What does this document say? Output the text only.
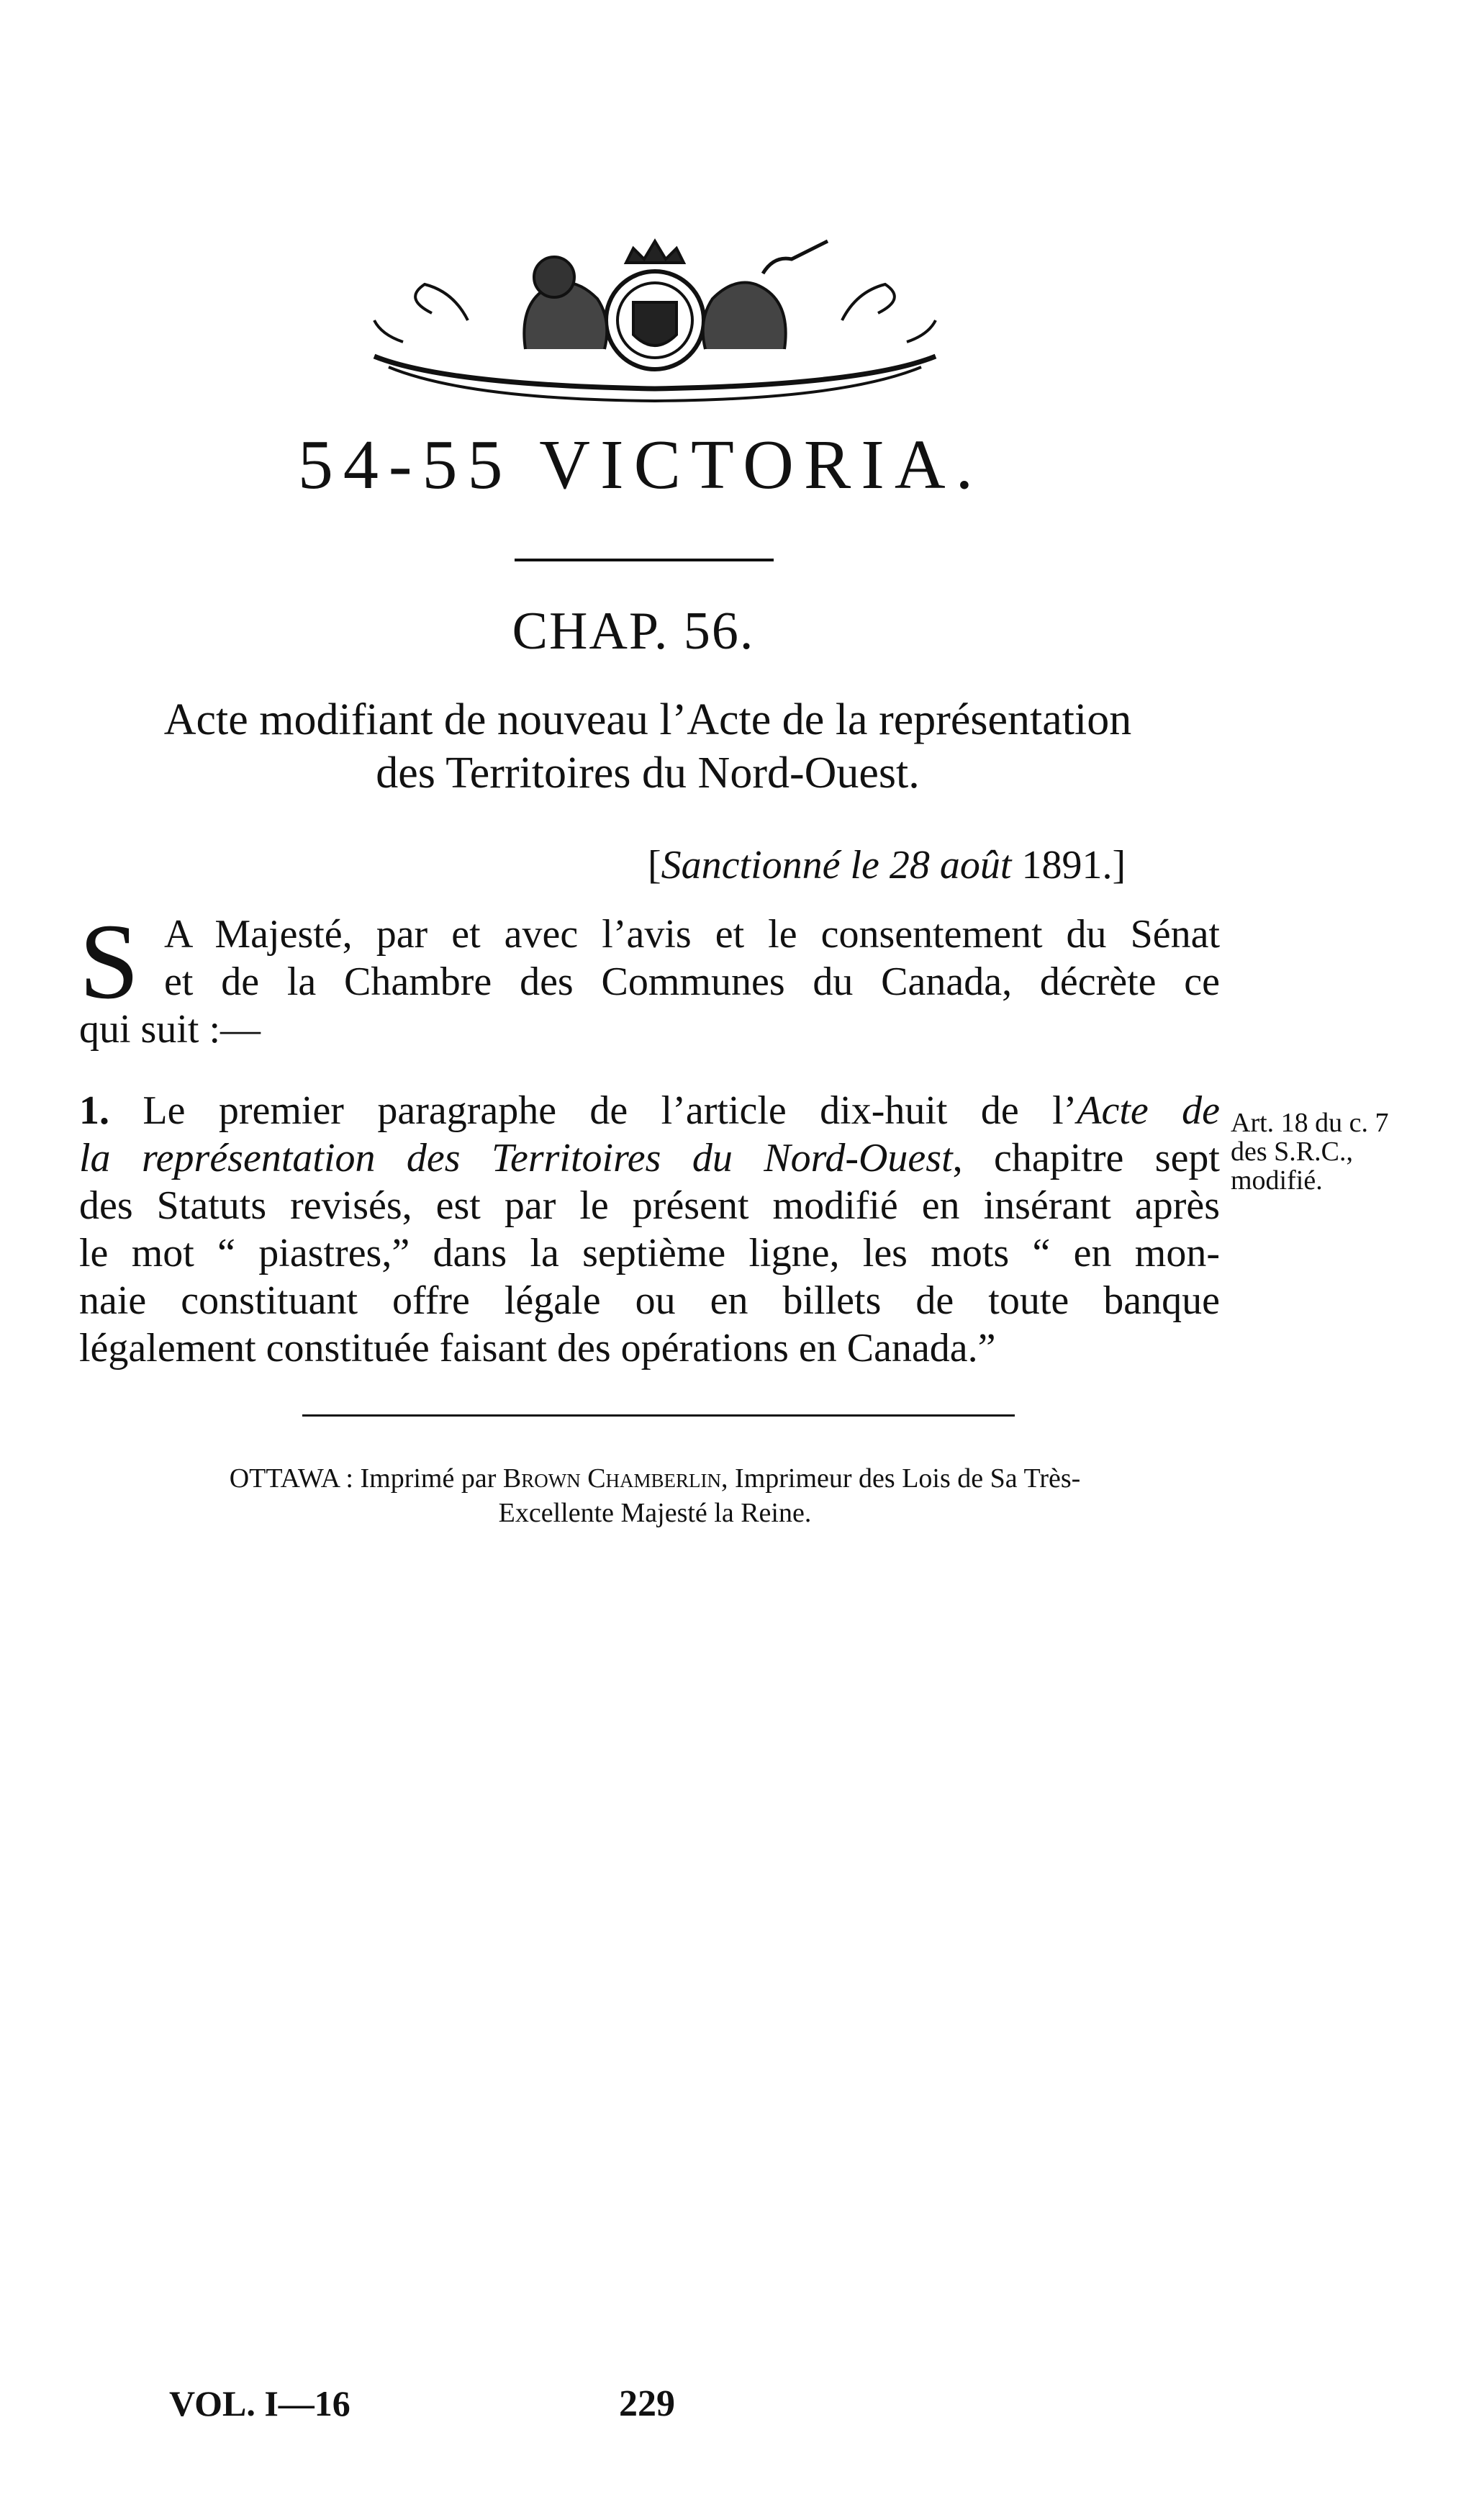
54-55 VICTORIA.
CHAP. 56.
Acte modifiant de nouveau l’Acte de la représentation
des Territoires du Nord-Ouest.
[Sanctionné le 28 août 1891.]
S A Majesté, par et avec l’avis et le consentement du Sénat
et de la Chambre des Communes du Canada, décrète ce
qui suit :—
1. Le premier paragraphe de l’article dix-huit de l’Acte de
la représentation des Territoires du Nord-Ouest, chapitre sept
des Statuts revisés, est par le présent modifié en insérant après
le mot “ piastres,” dans la septième ligne, les mots “ en mon-
naie constituant offre légale ou en billets de toute banque
légalement constituée faisant des opérations en Canada.”
Art. 18 du c. 7
des S.R.C.,
modifié.
OTTAWA : Imprimé par Brown Chamberlin, Imprimeur des Lois de Sa Très-
Excellente Majesté la Reine.
VOL. I—16	229
